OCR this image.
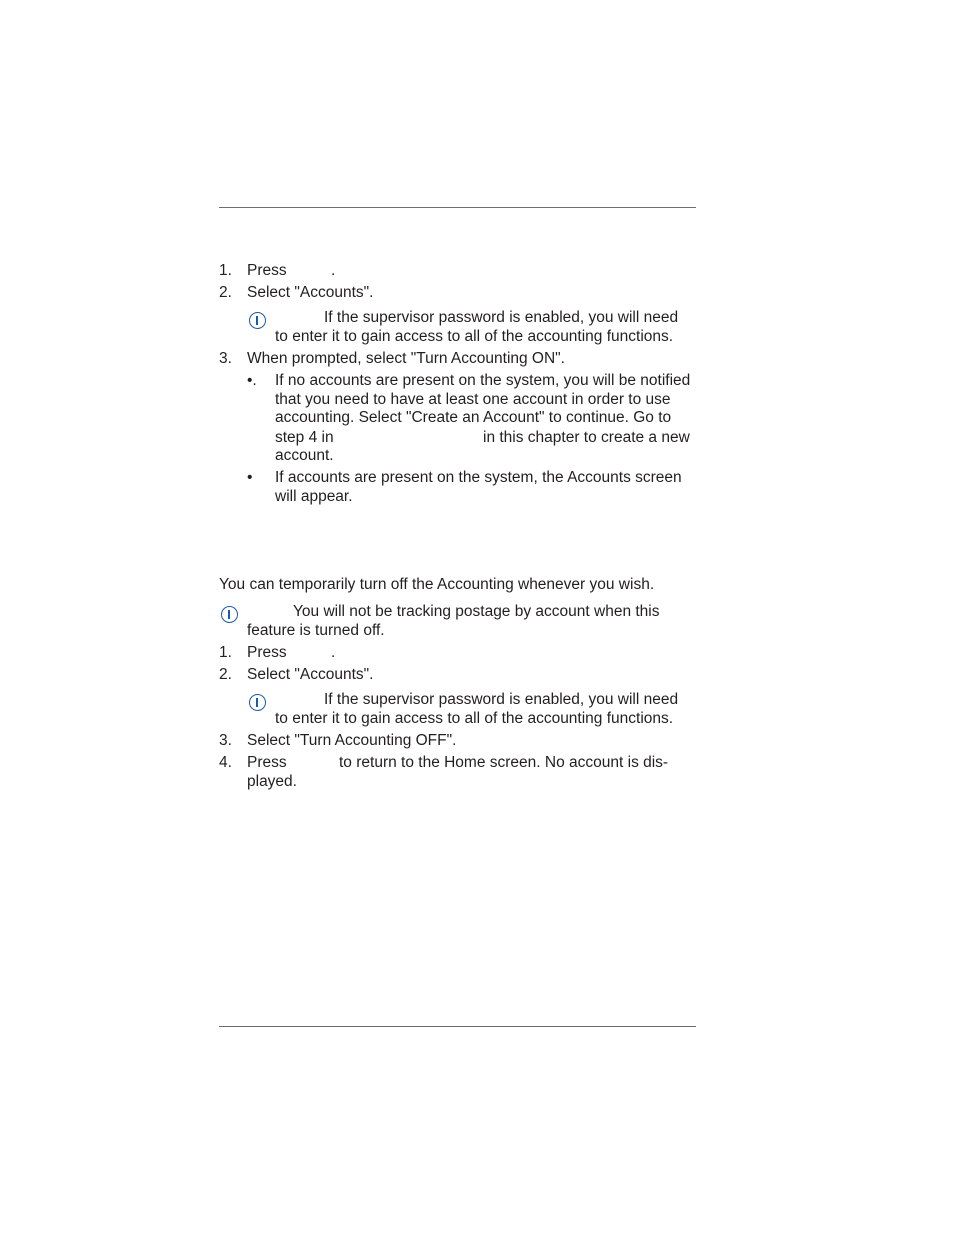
1. Press	.
2. Select "Accounts".
If the supervisor password is enabled, you will need
to enter it to gain access to all of the accounting functions.
3. When prompted, select "Turn Accounting ON".
•. If no accounts are present on the system, you will be notified
that you need to have at least one account in order to use
accounting. Select "Create an Account" to continue. Go to
step 4 in	in this chapter to create a new
account.
• If accounts are present on the system, the Accounts screen
will appear.
You can temporarily turn off the Accounting whenever you wish.
You will not be tracking postage by account when this
feature is turned off.
1. Press	.
2. Select "Accounts".
If the supervisor password is enabled, you will need
to enter it to gain access to all of the accounting functions.
3. Select "Turn Accounting OFF".
4. Press	to return to the Home screen. No account is dis-
played.
